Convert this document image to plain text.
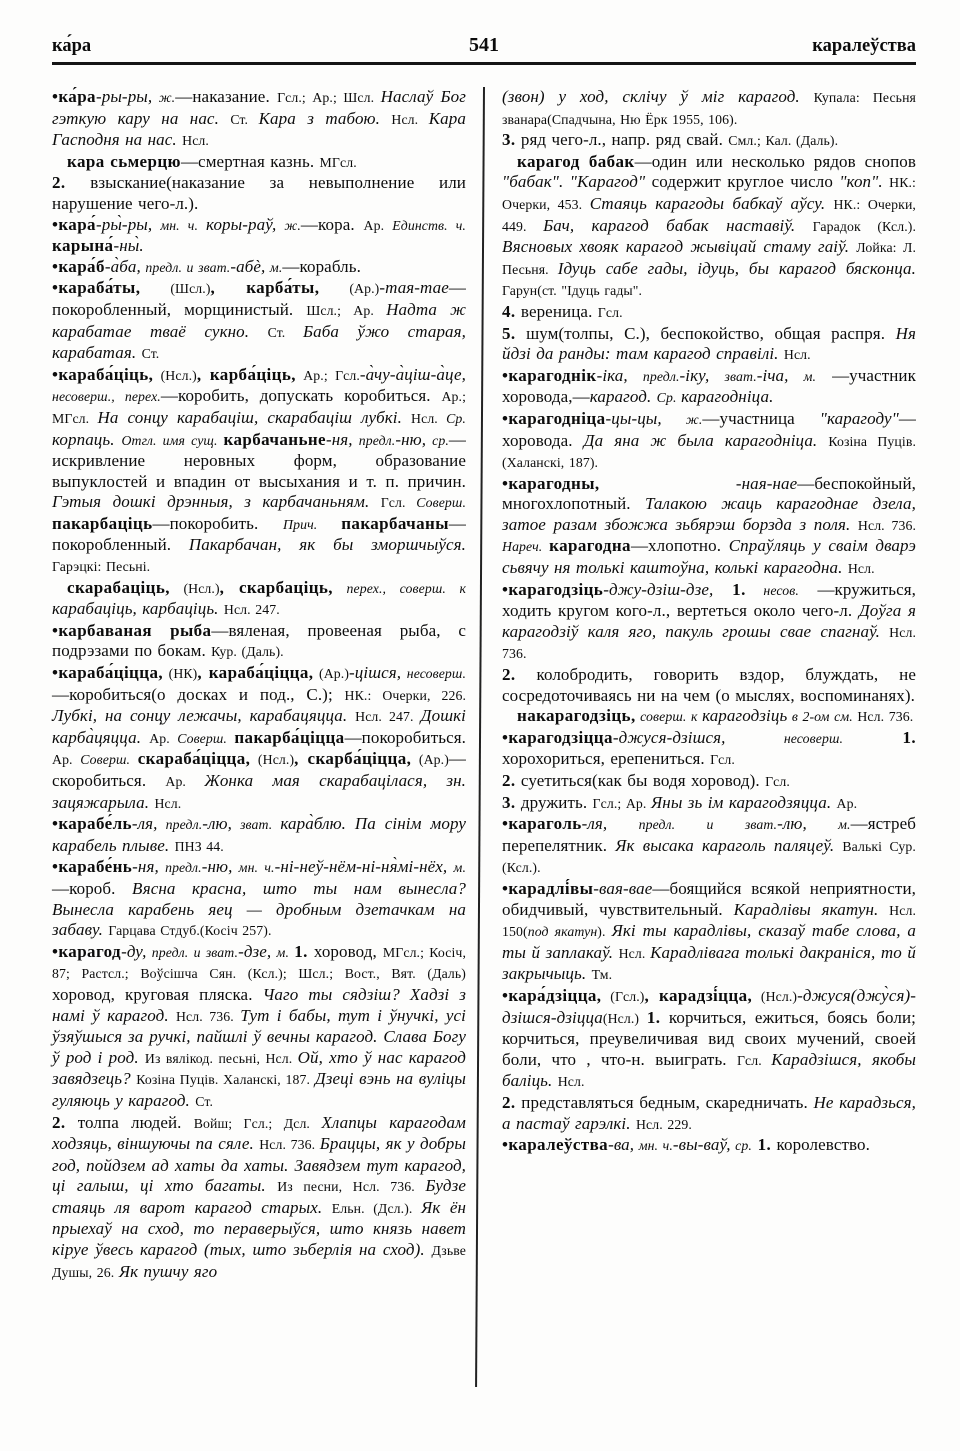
ка́ра	541	каралеўства

•ка́ра-ры-ры, ж.—наказание. Гсл.; Ар.; Шсл. Наслаў Бог гэткую кару на нас. Ст. Кара з табою. Нсл. Кара Гасподня на нас. Нсл.

кара сьмерцю—смертная казнь. МГсл.

2. взыскание(наказание за невыполнение или нарушение чего-л.).

•кара́-ры̀-ры, мн. ч. коры-раў, ж.—кора. Ар. Единств. ч. карына́-ны̀.

•кара́б-а̀ба, предл. и зват.-абѐ, м.—корабль.

•караба́ты, (Шсл.), карба́ты, (Ар.)-тая-тае—покоробленный, морщинистый. Шсл.; Ар. Надта ж карабатае тваё сукно. Ст. Баба ўжо старая, карабатая. Ст.

•караба́ціць, (Нсл.), карба́ціць, Ар.; Гсл.-а̀чу-а̀ціш-а̀це, несоверш., перех.—коробить, допускать коробиться. Ар.; МГсл. На сонцу карабаціш, скарабаціш лубкі. Нсл. Ср. корпаць. Отгл. имя сущ. карбачаньне-ня, предл.-ню, ср.—искривление неровных форм, образование выпуклостей и впадин от высыхания и т. п. причин. Гэтыя дошкі дрэнныя, з карбачаньням. Гсл. Соверш. пакарбаціць—покоробить. Прич. пакарбачаны—покоробленный. Пакарбачан, як бы зморшчыўся. Гарэцкі: Песьні.

скарабаціць, (Нсл.), скарбаціць, перех., соверш. к карабаціць, карбаціць. Нсл. 247.

•карбаваная рыба—вяленая, провееная рыба, с подрэзами по бокам. Кур. (Даль).

•караба́ціцца, (НК), караба́ціцца, (Ар.)-цішся, несоверш.—коробиться(о досках и под., С.); НК.: Очерки, 226. Лубкі, на сонцу лежачы, карабацяцца. Нсл. 247. Дошкі карба̀цяцца. Ар. Соверш. пакарба́ціцца—покоробиться. Ар. Соверш. скараба́ціцца, (Нсл.), скарба́ціцца, (Ар.)—скоробиться. Ар. Жонка мая скарабацілася, зн. зацяжарыла. Нсл.

•карабе́ль-ля, предл.-лю, зват. кара̀блю. Па сінім мору карабель плыве. ПНЗ 44.

•карабе́нь-ня, предл.-ню, мн. ч.-ні-неў-нём-ні-ня̀мі-нёх, м.—короб. Вясна красна, што ты нам вынесла? Вынесла карабень яец — дробным дзетачкам на забаву. Гарцава Стдуб.(Косіч 257).

•карагод-ду, предл. и зват.-дзе, м. 1. хоровод, МГсл.; Косіч, 87; Растсл.; Воўсішча Сян. (Ксл.); Шсл.; Вост., Вят. (Даль) хоровод, круговая пляска. Чаго ты сядзіш? Хадзі з намі ў карагод. Нсл. 736. Тут і бабы, тут і ўнучкі, усі ўзяўшыся за ручкі, пайшлі ў вечны карагод. Слава Богу ў род і род. Из вялікод. песьні, Нсл. Ой, хто ў нас карагод завядзець? Козіна Пуців. Халанскі, 187. Дзеці вэнь на вуліцы гуляюць у карагод. Ст.

2. толпа людей. Войш; Гсл.; Дсл. Хлапцы карагодам ходзяць, віншуючы па сяле. Нсл. 736. Браццы, як у добры год, пойдзем ад хаты да хаты. Завядзем тут карагод, ці галыш, ці хто багаты. Из песни, Нсл. 736. Будзе стаяць ля варот карагод старых. Ельн. (Дсл.). Як ён прыехаў на сход, то пераверыўся, што князь навет кіруе ўвесь карагод (тых, што зьберлія на сход). Дзьве Душы, 26. Як пушчу яго

(звон) у ход, склічу ў міг карагод. Купала: Песьня званара(Спадчына, Ню Ёрк 1955, 106).

3. ряд чего-л., напр. ряд свай. Смл.; Кал. (Даль).

карагод бабак—один или несколько рядов снопов "бабак". "Карагод" содержит круглое число "коп". НК.: Очерки, 453. Стаяць карагоды бабкаў аўсу. НК.: Очерки, 449. Бач, карагод бабак наставіў. Гарадок (Ксл.). Вясновых хвояк карагод жывіцай стаму гаіў. Лойка: Л. Песьня. Ідуць сабе гады, ідуць, бы карагод бясконца. Гарун(ст. "Ідуць гады".

4. вереница. Гсл.

5. шум(толпы, С.), беспокойство, общая распря. Ня йдзі да ранды: там карагод справілі. Нсл.

•карагоднік-іка, предл.-іку, зват.-іча, м. —участник хоровода,—карагод. Ср. карагодніца.

•карагодніца-цы-цы, ж.—участница "карагоду"—хоровода. Да яна ж была карагодніца. Козіна Пуців.(Халанскі, 187).

•карагодны, -ная-нае—беспокойный, многохлопотный. Талакою жаць карагоднае дзела, затое разам збожжа зьбярэш борзда з поля. Нсл. 736. Нареч. карагодна—хлопотно. Спраўляць у сваім дварэ сьвячу ня толькі каштоўна, колькі карагодна. Нсл.

•карагодзіць-джу-дзіш-дзе, 1. несов. —кружиться, ходить кругом кого-л., вертеться около чего-л. Доўга я карагодзіў каля яго, пакуль грошы свае спагнаў. Нсл. 736.

2. колобродить, говорить вздор, блуждать, не сосредоточиваясь ни на чем (о мыслях, воспоминанях).

накарагодзіць, соверш. к карагодзіць в 2-ом см. Нсл. 736.

•карагодзіцца-джуся-дзішся, несоверш. 1. хорохориться, ерепениться. Гсл.

2. суетиться(как бы водя хоровод). Гсл.

3. дружить. Гсл.; Ар. Яны зь ім карагодзяцца. Ар.

•караголь-ля, предл. и зват.-лю, м.—ястреб перепелятник. Як высака караголь паляцеў. Валькі Сур.(Ксл.).

•карадлі́вы-вая-вае—боящийся всякой неприятности, обидчивый, чувствительный. Карадлівы якатун. Нсл. 150(под якатун). Які ты карадлівы, сказаў табе слова, а ты й заплакаў. Нсл. Карадлівага толькі дакраніся, то й закрычыць. Тм.

•кара́дзіцца, (Гсл.), карадзі́цца, (Нсл.)-джуся(джу̀ся)-дзішся-дзіцца(Нсл.) 1. корчиться, ежиться, боясь боли; корчиться, преувеличивая вид своих мучений, своей боли, что , что-н. выиграть. Гсл. Карадзішся, якобы баліць. Нсл.

2. представляться бедным, скаредничать. Не карадзься, а пастаў гарэлкі. Нсл. 229.

•каралеўства-ва, мн. ч.-вы-ваў, ср. 1. королевство.
